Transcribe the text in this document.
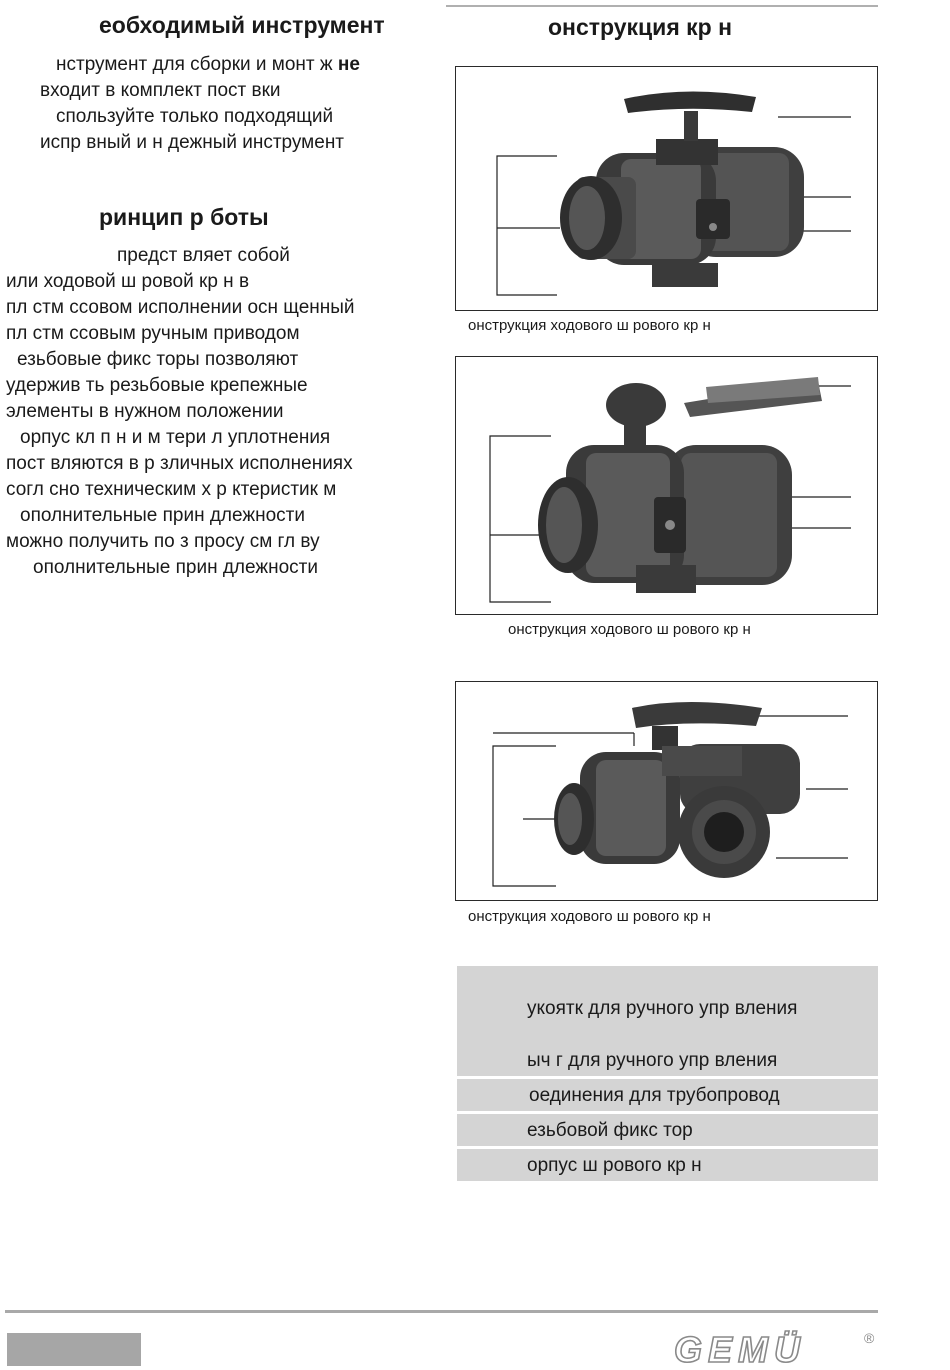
еобходимый инструмент
нструмент для сборки и монт ж не
входит в комплект пост вки
спользуйте только подходящий
испр вный и н дежный инструмент
ринцип р боты
предст вляет собой
или ходовой ш ровой кр н в
пл стм ссовом исполнении осн щенный
пл стм ссовым ручным приводом
езьбовые фикс торы позволяют
удержив ть резьбовые крепежные
элементы в нужном положении
орпус кл п н и м тери л уплотнения
пост вляются в р зличных исполнениях
согл сно техническим х р ктеристик м
ополнительные прин длежности
можно получить по з просу см гл ву
ополнительные прин длежности
онструкция кр н
онструкция ходового ш рового кр н
онструкция ходового ш рового кр н
онструкция ходового ш рового кр н
укоятк для ручного упр вления
ыч г для ручного упр вления
оединения для трубопровод
езьбовой фикс тор
орпус ш рового кр н
GEMÜ	®
